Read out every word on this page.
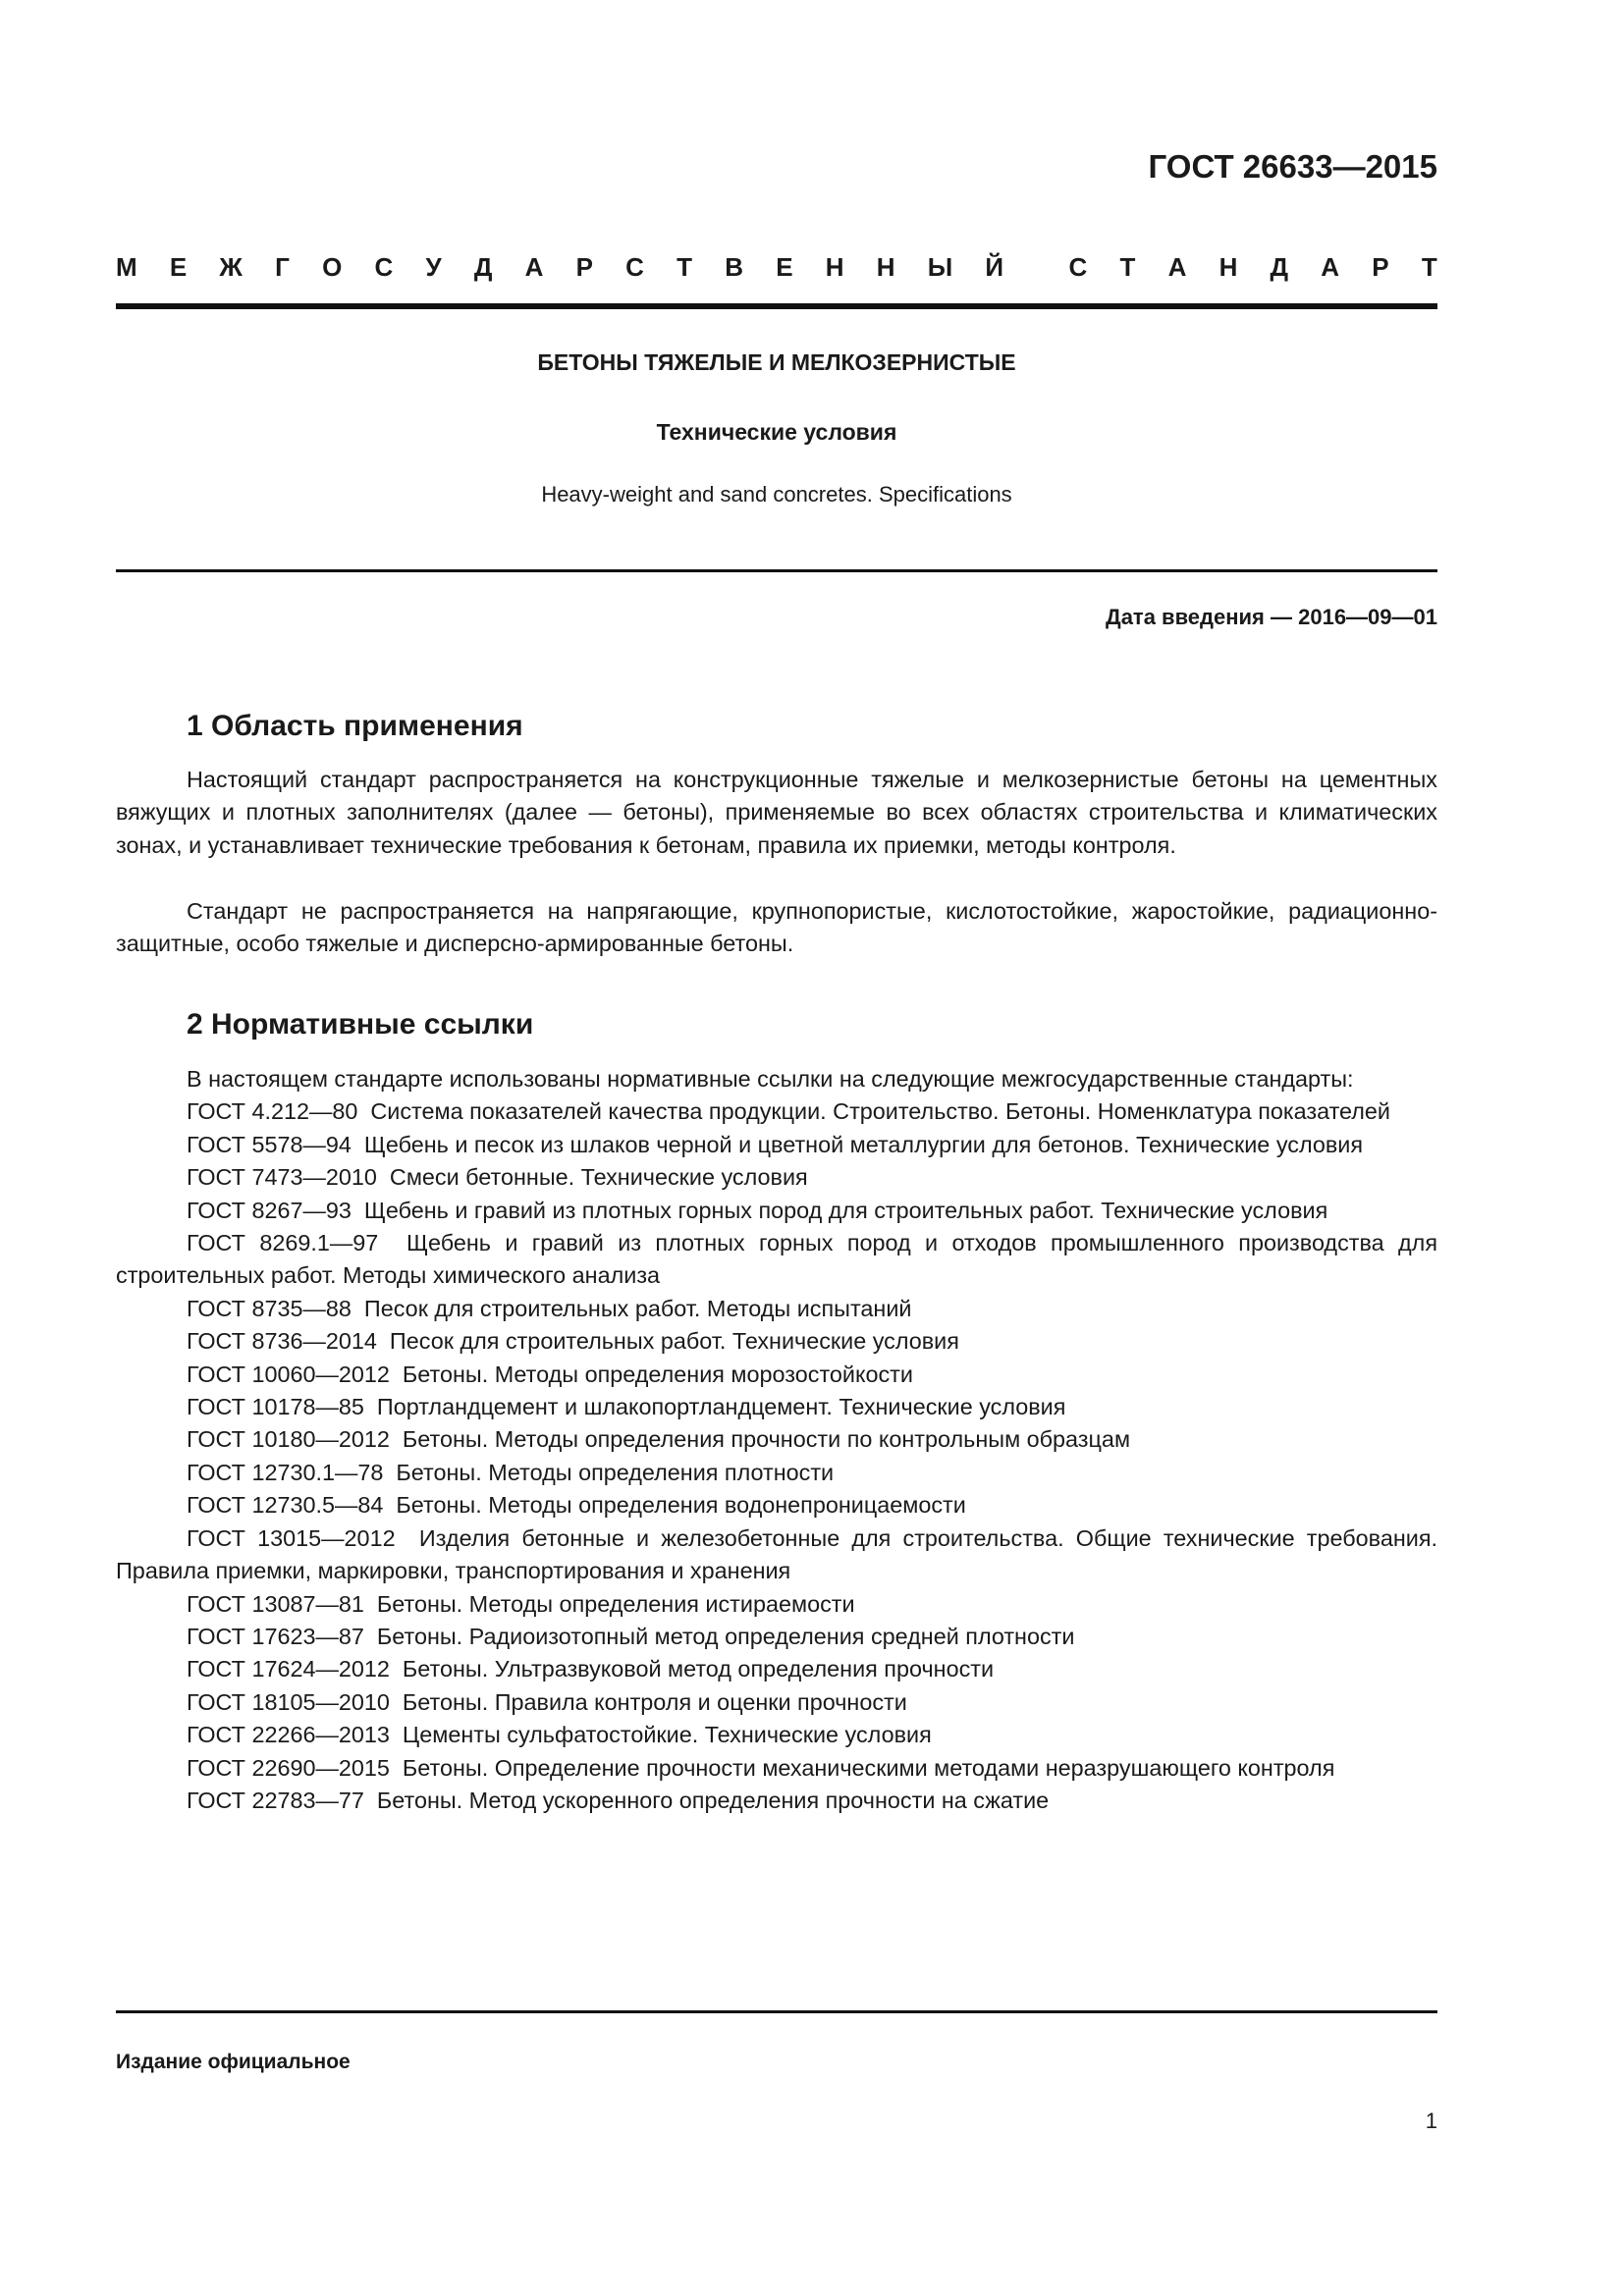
ГОСТ 26633—2015
М Е Ж Г О С У Д А Р С Т В Е Н Н Ы Й	С Т А Н Д А Р Т
БЕТОНЫ ТЯЖЕЛЫЕ И МЕЛКОЗЕРНИСТЫЕ
Технические условия
Heavy-weight and sand concretes. Specifications
Дата введения — 2016—09—01
1 Область применения

Настоящий стандарт распространяется на конструкционные тяжелые и мелкозернистые бетоны на цементных вяжущих и плотных заполнителях (далее — бетоны), применяемые во всех областях строительства и климатических зонах, и устанавливает технические требования к бетонам, правила их приемки, методы контроля.

Стандарт не распространяется на напрягающие, крупнопористые, кислотостойкие, жаростойкие, радиационно-защитные, особо тяжелые и дисперсно-армированные бетоны.

2 Нормативные ссылки

В настоящем стандарте использованы нормативные ссылки на следующие межгосударственные стандарты:

ГОСТ 4.212—80 Система показателей качества продукции. Строительство. Бетоны. Номенклатура показателей

ГОСТ 5578—94 Щебень и песок из шлаков черной и цветной металлургии для бетонов. Технические условия

ГОСТ 7473—2010 Смеси бетонные. Технические условия

ГОСТ 8267—93 Щебень и гравий из плотных горных пород для строительных работ. Технические условия

ГОСТ 8269.1—97 Щебень и гравий из плотных горных пород и отходов промышленного производства для строительных работ. Методы химического анализа

ГОСТ 8735—88 Песок для строительных работ. Методы испытаний

ГОСТ 8736—2014 Песок для строительных работ. Технические условия

ГОСТ 10060—2012 Бетоны. Методы определения морозостойкости

ГОСТ 10178—85 Портландцемент и шлакопортландцемент. Технические условия

ГОСТ 10180—2012 Бетоны. Методы определения прочности по контрольным образцам

ГОСТ 12730.1—78 Бетоны. Методы определения плотности

ГОСТ 12730.5—84 Бетоны. Методы определения водонепроницаемости

ГОСТ 13015—2012 Изделия бетонные и железобетонные для строительства. Общие технические требования. Правила приемки, маркировки, транспортирования и хранения

ГОСТ 13087—81 Бетоны. Методы определения истираемости

ГОСТ 17623—87 Бетоны. Радиоизотопный метод определения средней плотности

ГОСТ 17624—2012 Бетоны. Ультразвуковой метод определения прочности

ГОСТ 18105—2010 Бетоны. Правила контроля и оценки прочности

ГОСТ 22266—2013 Цементы сульфатостойкие. Технические условия

ГОСТ 22690—2015 Бетоны. Определение прочности механическими методами неразрушающего контроля

ГОСТ 22783—77 Бетоны. Метод ускоренного определения прочности на сжатие

Издание официальное
1
